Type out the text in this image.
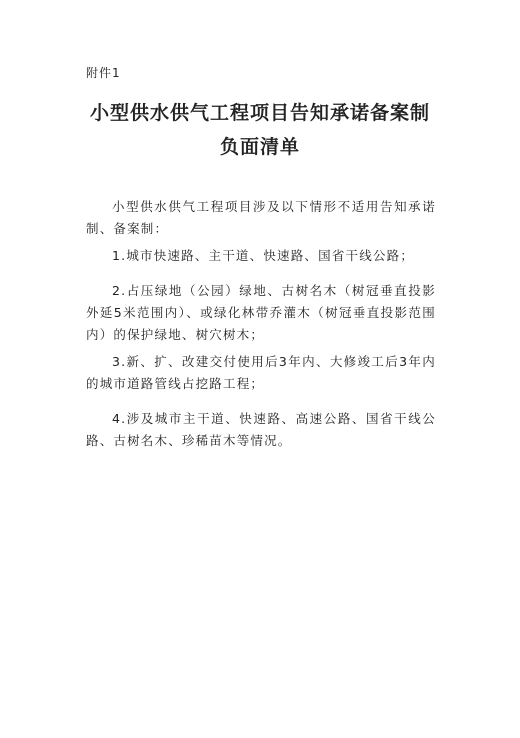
附件1
小型供水供气工程项目告知承诺备案制
负面清单

小型供水供气工程项目涉及以下情形不适用告知承诺制、备案制：

1.城市快速路、主干道、快速路、国省干线公路；

2.占压绿地（公园）绿地、古树名木（树冠垂直投影外延5米范围内）、或绿化林带乔灌木（树冠垂直投影范围内）的保护绿地、树穴树木；

3.新、扩、改建交付使用后3年内、大修竣工后3年内的城市道路管线占挖路工程；

4.涉及城市主干道、快速路、高速公路、国省干线公路、古树名木、珍稀苗木等情况。
